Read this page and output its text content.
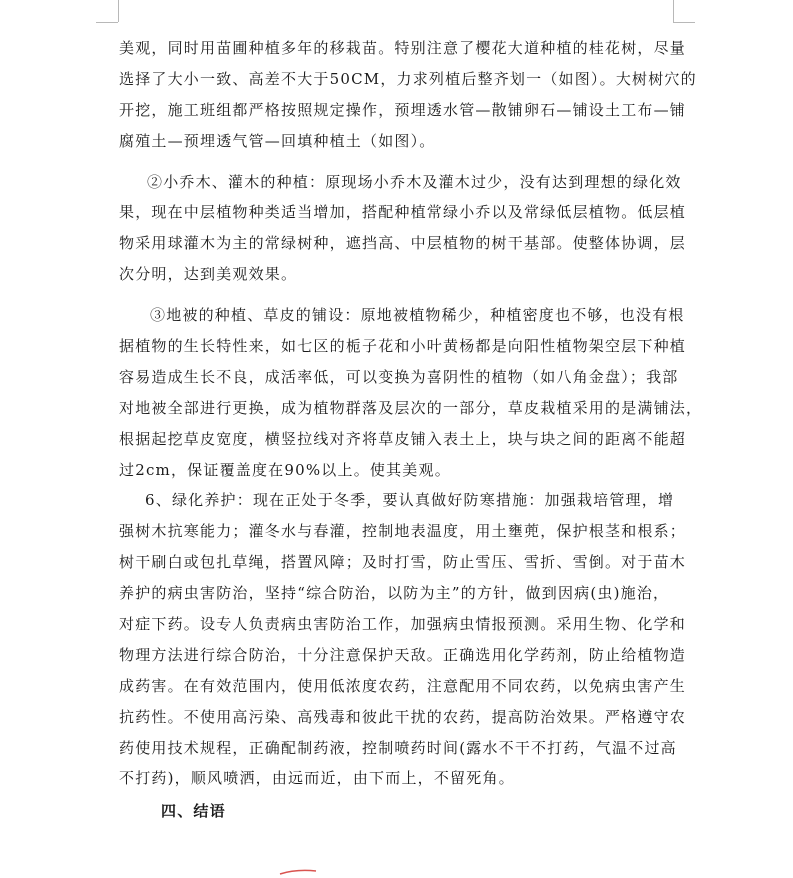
美观，同时用苗圃种植多年的移栽苗。特别注意了樱花大道种植的桂花树，尽量
选择了大小一致、高差不大于50CM，力求列植后整齐划一（如图）。大树树穴的
开挖，施工班组都严格按照规定操作，预埋透水管—散铺卵石—铺设土工布—铺
腐殖土—预埋透气管—回填种植土（如图）。
②小乔木、灌木的种植：原现场小乔木及灌木过少，没有达到理想的绿化效
果，现在中层植物种类适当增加，搭配种植常绿小乔以及常绿低层植物。低层植
物采用球灌木为主的常绿树种，遮挡高、中层植物的树干基部。使整体协调，层
次分明，达到美观效果。
③地被的种植、草皮的铺设：原地被植物稀少，种植密度也不够，也没有根
据植物的生长特性来，如七区的栀子花和小叶黄杨都是向阳性植物架空层下种植
容易造成生长不良，成活率低，可以变换为喜阴性的植物（如八角金盘）；我部
对地被全部进行更换，成为植物群落及层次的一部分，草皮栽植采用的是满铺法，
根据起挖草皮宽度，横竖拉线对齐将草皮铺入表土上，块与块之间的距离不能超
过2cm，保证覆盖度在90%以上。使其美观。
6、绿化养护：现在正处于冬季，要认真做好防寒措施：加强栽培管理，增
强树木抗寒能力；灌冬水与春灌，控制地表温度，用土壅蔸，保护根茎和根系；
树干刷白或包扎草绳，搭置风障；及时打雪，防止雪压、雪折、雪倒。对于苗木
养护的病虫害防治，坚持“综合防治，以防为主”的方针，做到因病(虫)施治，
对症下药。设专人负责病虫害防治工作，加强病虫情报预测。采用生物、化学和
物理方法进行综合防治，十分注意保护天敌。正确选用化学药剂，防止给植物造
成药害。在有效范围内，使用低浓度农药，注意配用不同农药，以免病虫害产生
抗药性。不使用高污染、高残毒和彼此干扰的农药，提高防治效果。严格遵守农
药使用技术规程，正确配制药液，控制喷药时间(露水不干不打药，气温不过高
不打药)，顺风喷洒，由远而近，由下而上，不留死角。
四、结语
